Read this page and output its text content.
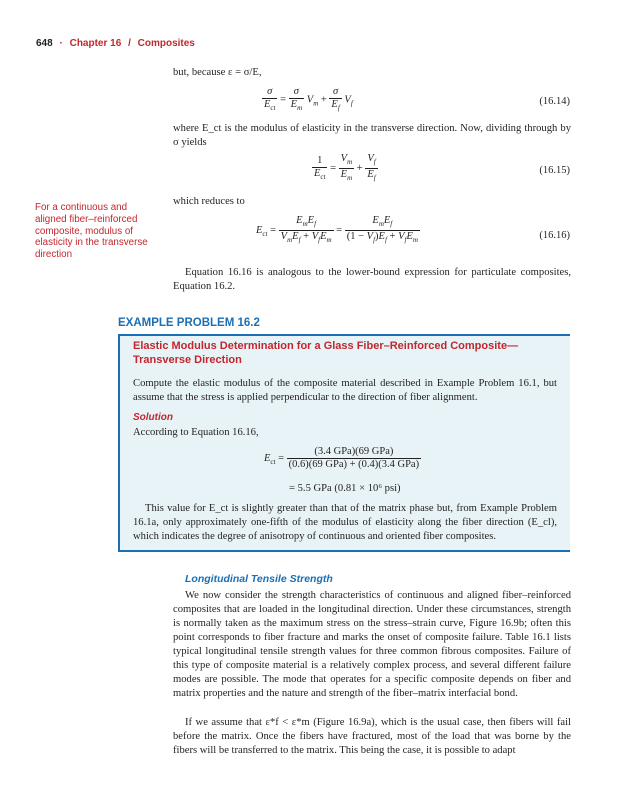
648 · Chapter 16 / Composites
but, because ε = σ/E,
$\frac{\sigma}{E_{ct}} = \frac{\sigma}{E_m} V_m + \frac{\sigma}{E_f} V_f$	(16.14)
where E_ct is the modulus of elasticity in the transverse direction. Now, dividing through by σ yields
$\frac{1}{E_{ct}} = \frac{V_m}{E_m} + \frac{V_f}{E_f}$	(16.15)
which reduces to
For a continuous and aligned fiber–reinforced composite, modulus of elasticity in the transverse direction
$E_{ct} = \frac{E_mE_f}{V_mE_f + V_fE_m} = \frac{E_mE_f}{(1 - V_f)E_f + V_fE_m}$	(16.16)
Equation 16.16 is analogous to the lower-bound expression for particulate composites, Equation 16.2.
EXAMPLE PROBLEM 16.2
Elastic Modulus Determination for a Glass Fiber–Reinforced Composite—Transverse Direction
Compute the elastic modulus of the composite material described in Example Problem 16.1, but assume that the stress is applied perpendicular to the direction of fiber alignment.
Solution
According to Equation 16.16,
$E_{ct} = \frac{\text{(3.4 GPa)(69 GPa)}}{\text{(0.6)(69 GPa) + (0.4)(3.4 GPa)}}$
= 5.5 GPa (0.81 × 10⁶ psi)
This value for E_ct is slightly greater than that of the matrix phase but, from Example Problem 16.1a, only approximately one-fifth of the modulus of elasticity along the fiber direction (E_cl), which indicates the degree of anisotropy of continuous and oriented fiber composites.
Longitudinal Tensile Strength
We now consider the strength characteristics of continuous and aligned fiber–reinforced composites that are loaded in the longitudinal direction. Under these circumstances, strength is normally taken as the maximum stress on the stress–strain curve, Figure 16.9b; often this point corresponds to fiber fracture and marks the onset of composite failure. Table 16.1 lists typical longitudinal tensile strength values for three common fibrous composites. Failure of this type of composite material is a relatively complex process, and several different failure modes are possible. The mode that operates for a specific composite depends on fiber and matrix properties and the nature and strength of the fiber–matrix interfacial bond.
If we assume that ε*f < ε*m (Figure 16.9a), which is the usual case, then fibers will fail before the matrix. Once the fibers have fractured, most of the load that was borne by the fibers will be transferred to the matrix. This being the case, it is possible to adapt
